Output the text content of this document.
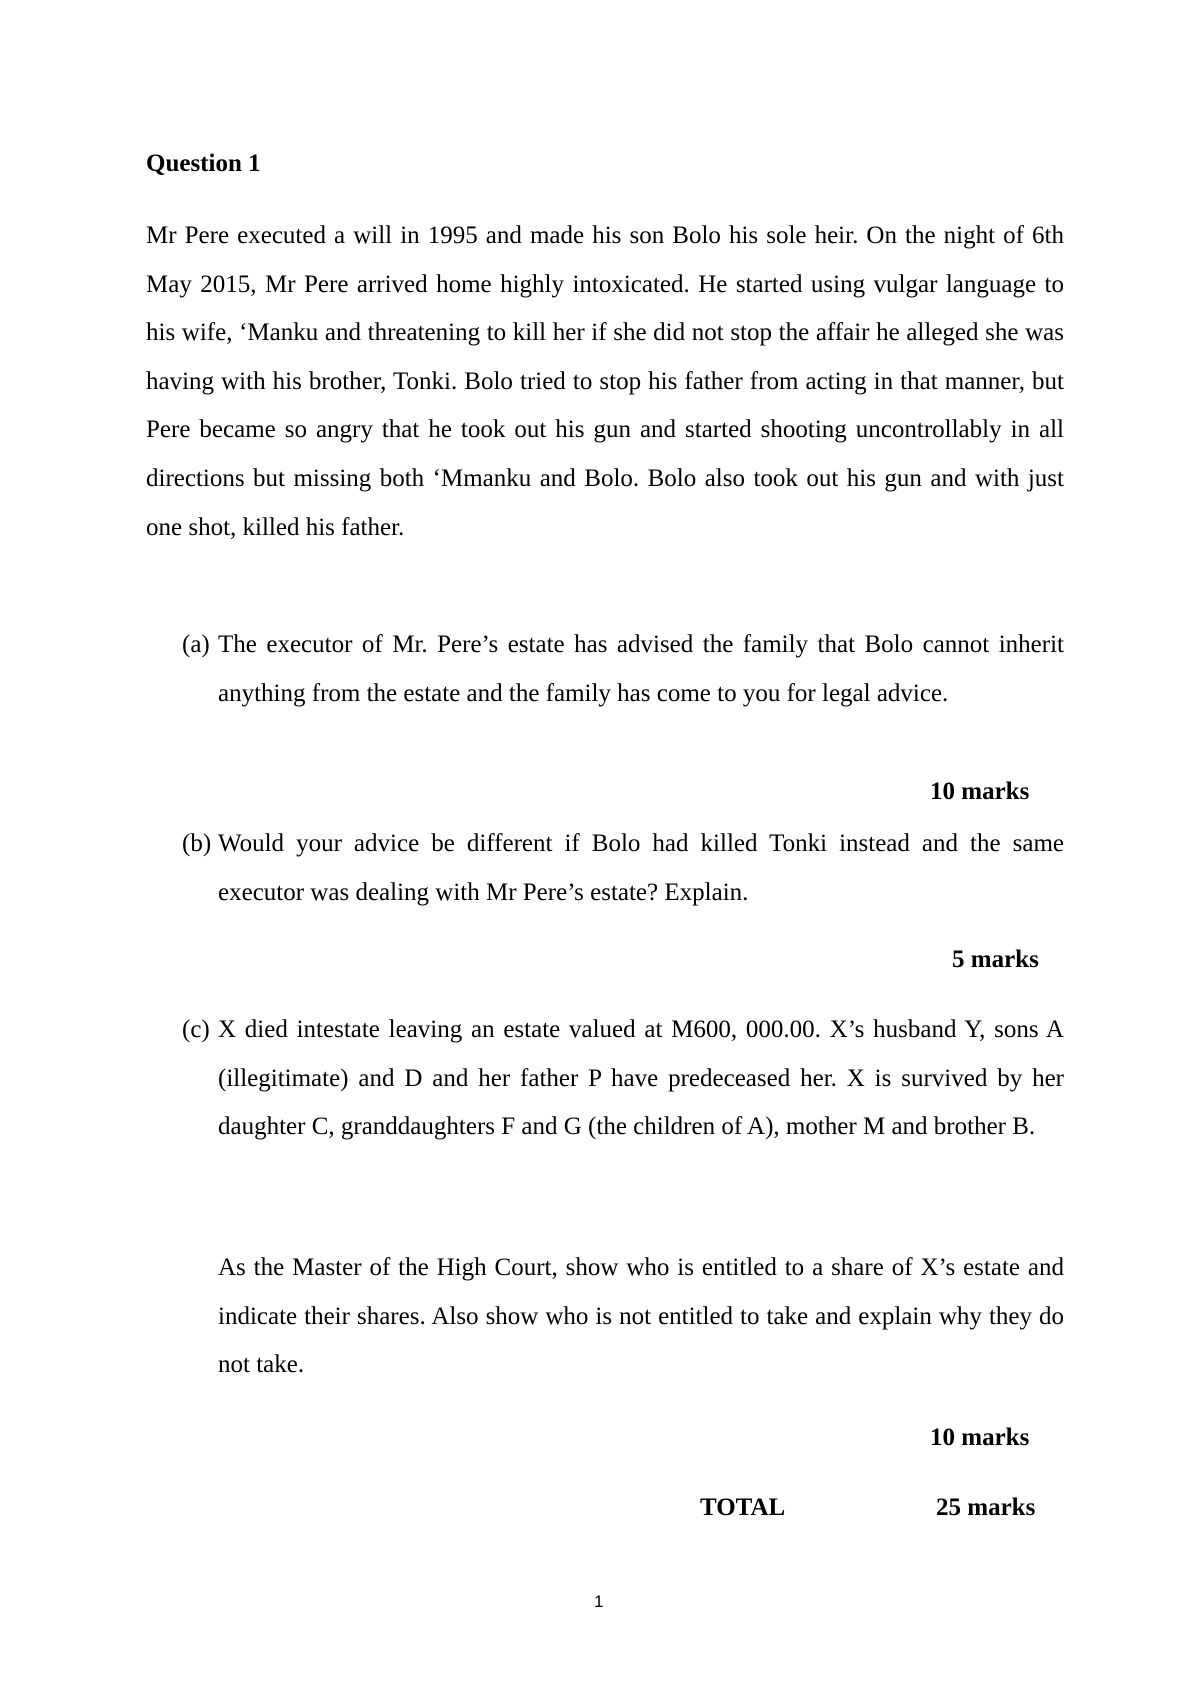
Question 1

Mr Pere executed a will in 1995 and made his son Bolo his sole heir. On the night of 6th May 2015, Mr Pere arrived home highly intoxicated. He started using vulgar language to his wife, ‘Manku and threatening to kill her if she did not stop the affair he alleged she was having with his brother, Tonki. Bolo tried to stop his father from acting in that manner, but Pere became so angry that he took out his gun and started shooting uncontrollably in all directions but missing both ‘Mmanku and Bolo. Bolo also took out his gun and with just one shot, killed his father.

(a) The executor of Mr. Pere’s estate has advised the family that Bolo cannot inherit anything from the estate and the family has come to you for legal advice.
10 marks
(b) Would your advice be different if Bolo had killed Tonki instead and the same executor was dealing with Mr Pere’s estate? Explain.
5 marks
(c) X died intestate leaving an estate valued at M600, 000.00. X’s husband Y, sons A (illegitimate) and D and her father P have predeceased her. X is survived by her daughter C, granddaughters F and G (the children of A), mother M and brother B.

As the Master of the High Court, show who is entitled to a share of X’s estate and indicate their shares. Also show who is not entitled to take and explain why they do not take.

10 marks
TOTAL	25 marks
1
